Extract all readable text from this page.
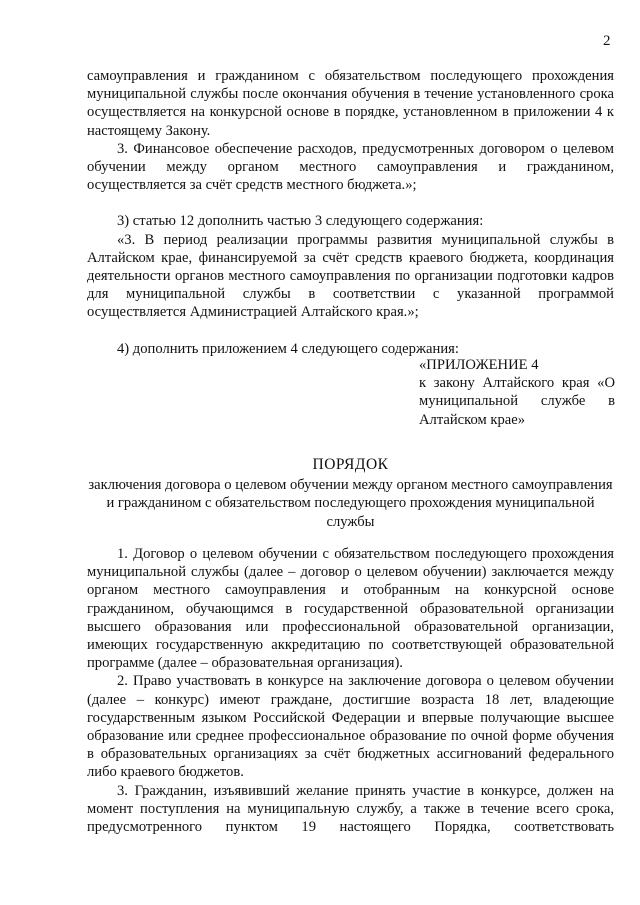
2

самоуправления и гражданином с обязательством последующего прохождения муниципальной службы после окончания обучения в течение установленного срока осуществляется на конкурсной основе в порядке, установленном в приложении 4 к настоящему Закону.

3. Финансовое обеспечение расходов, предусмотренных договором о целевом обучении между органом местного самоуправления и гражданином, осуществляется за счёт средств местного бюджета.»;

3) статью 12 дополнить частью 3 следующего содержания:

«3. В период реализации программы развития муниципальной службы в Алтайском крае, финансируемой за счёт средств краевого бюджета, координация деятельности органов местного самоуправления по организации подготовки кадров для муниципальной службы в соответствии с указанной программой осуществляется Администрацией Алтайского края.»;

4) дополнить приложением 4 следующего содержания:

«ПРИЛОЖЕНИЕ 4

к закону Алтайского края «О муниципальной службе в Алтайском крае»

ПОРЯДОК
заключения договора о целевом обучении между органом местного самоуправления и гражданином с обязательством последующего прохождения муниципальной службы

1. Договор о целевом обучении с обязательством последующего прохождения муниципальной службы (далее – договор о целевом обучении) заключается между органом местного самоуправления и отобранным на конкурсной основе гражданином, обучающимся в государственной образовательной организации высшего образования или профессиональной образовательной организации, имеющих государственную аккредитацию по соответствующей образовательной программе (далее – образовательная организация).

2. Право участвовать в конкурсе на заключение договора о целевом обучении (далее – конкурс) имеют граждане, достигшие возраста 18 лет, владеющие государственным языком Российской Федерации и впервые получающие высшее образование или среднее профессиональное образование по очной форме обучения в образовательных организациях за счёт бюджетных ассигнований федерального либо краевого бюджетов.

3. Гражданин, изъявивший желание принять участие в конкурсе, должен на момент поступления на муниципальную службу, а также в течение всего срока, предусмотренного пунктом 19 настоящего Порядка, соответствовать
